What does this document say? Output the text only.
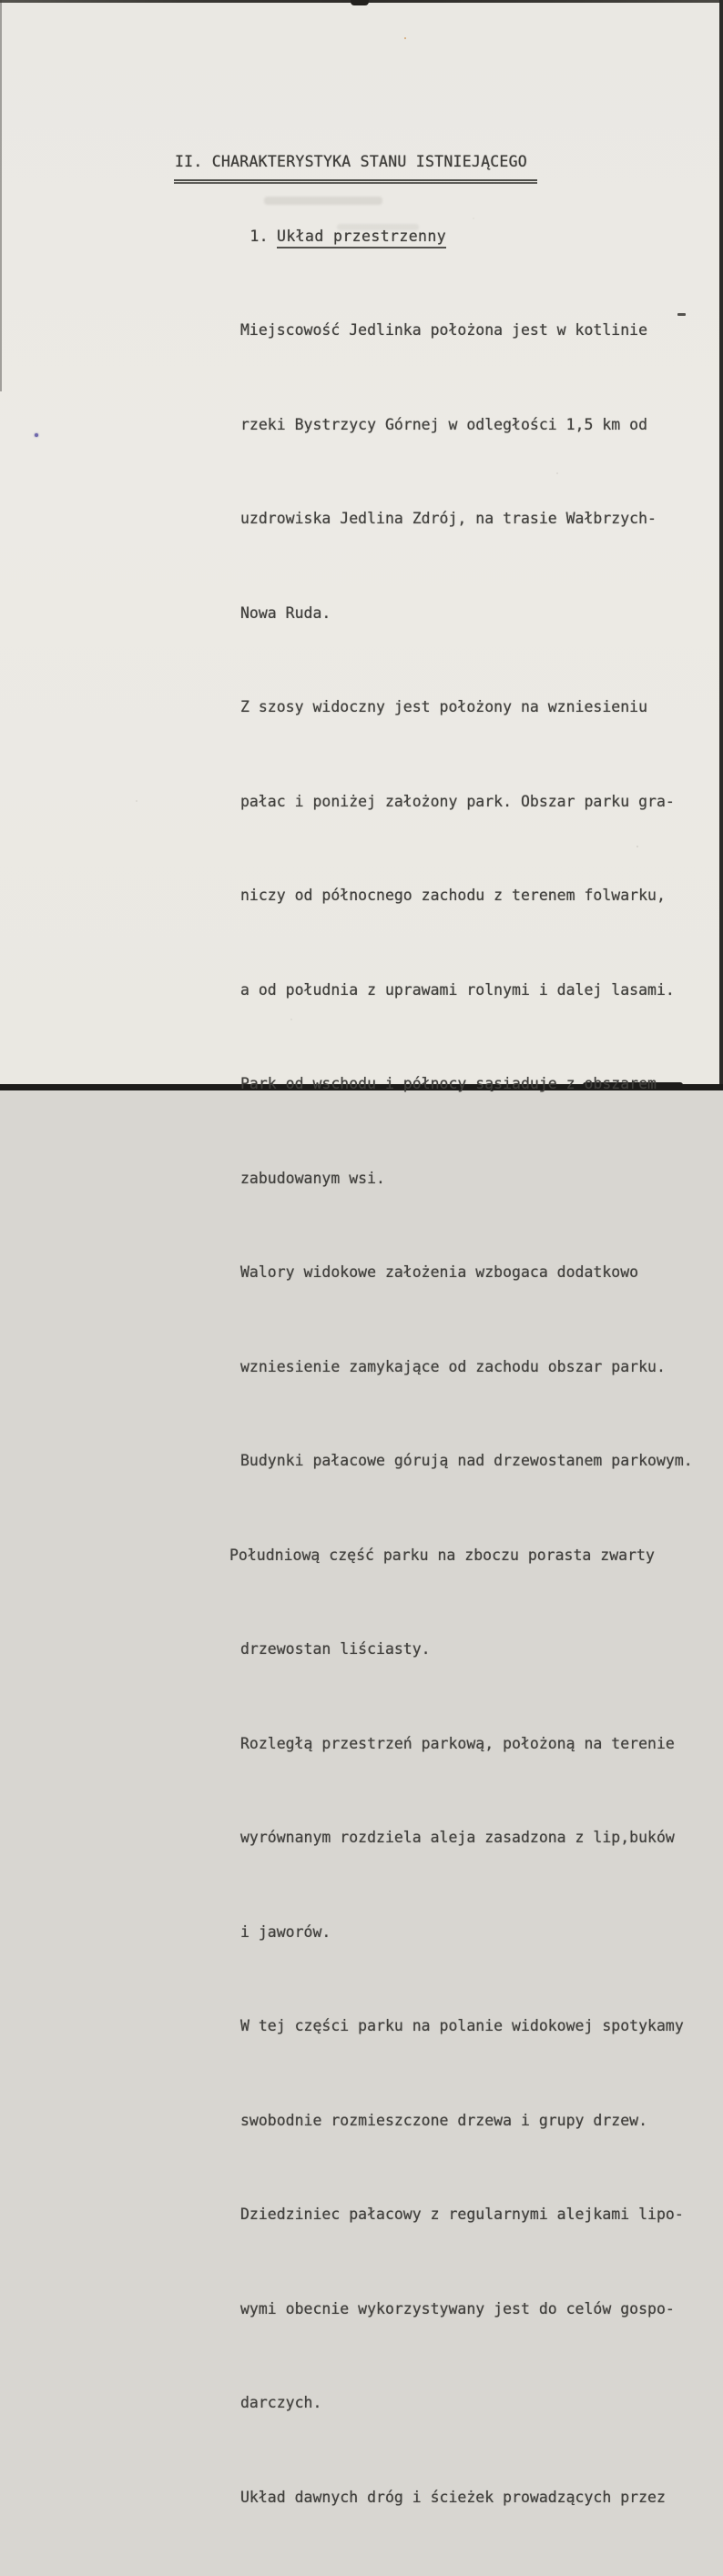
II. CHARAKTERYSTYKA STANU ISTNIEJĄCEGO

1. Układ przestrzenny

Miejscowość Jedlinka położona jest w kotlinie

rzeki Bystrzycy Górnej w odległości 1,5 km od

uzdrowiska Jedlina Zdrój, na trasie Wałbrzych-

Nowa Ruda.

Z szosy widoczny jest położony na wzniesieniu

pałac i poniżej założony park. Obszar parku gra-

niczy od północnego zachodu z terenem folwarku,

a od południa z uprawami rolnymi i dalej lasami.

Park od wschodu i północy sąsiaduje z obszarem

zabudowanym wsi.

Walory widokowe założenia wzbogaca dodatkowo

wzniesienie zamykające od zachodu obszar parku.

Budynki pałacowe górują nad drzewostanem parkowym.

Południową część parku na zboczu porasta zwarty

drzewostan liściasty.

Rozległą przestrzeń parkową, położoną na terenie

wyrównanym rozdziela aleja zasadzona z lip,buków

i jaworów.

W tej części parku na polanie widokowej spotykamy

swobodnie rozmieszczone drzewa i grupy drzew.

Dziedziniec pałacowy z regularnymi alejkami lipo-

wymi obecnie wykorzystywany jest do celów gospo-

darczych.

Układ dawnych dróg i ścieżek prowadzących przez
